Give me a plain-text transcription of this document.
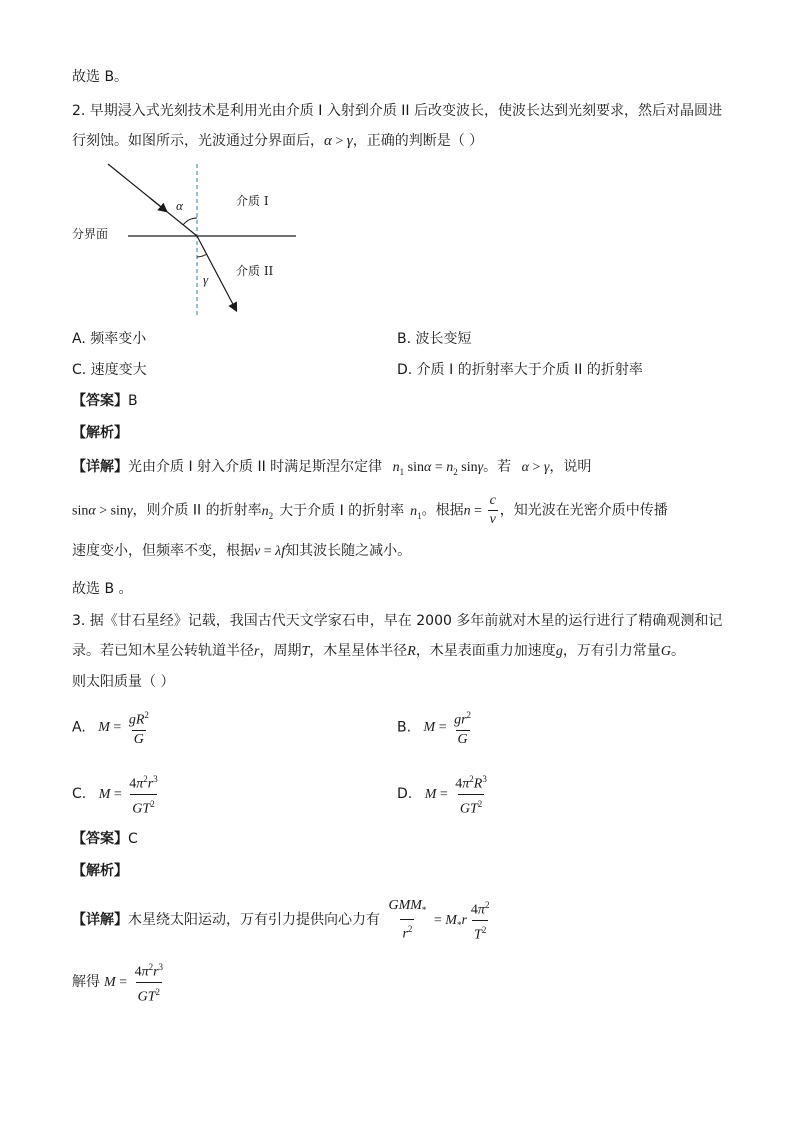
故选 B。
2. 早期浸入式光刻技术是利用光由介质 I 入射到介质 II 后改变波长，使波长达到光刻要求，然后对晶圆进
行刻蚀。如图所示，光波通过分界面后，α > γ，正确的判断是（ ）
分界面
介质 I
介质 II
α
γ
A. 频率变小	B. 波长变短
C. 速度变大	D. 介质 I 的折射率大于介质 II 的折射率
【答案】B
【解析】
【详解】光由介质 I 射入介质 II 时满足斯涅尔定律 $n_1$ $\sin\alpha = n_2$ sinγ。若 α > γ，说明
sinα > sinγ，则介质 II 的折射率$n_2$ 大于介质 I 的折射率 $n_1$。根据$n = \frac{c}{v}$ ，知光波在光密介质中传播
速度变小，但频率不变，根据v = λf知其波长随之减小。
故选 B 。
3. 据《甘石星经》记载，我国古代天文学家石申，早在 2000 多年前就对木星的运行进行了精确观测和记
录。若已知木星公转轨道半径r，周期T，木星星体半径R，木星表面重力加速度g，万有引力常量G。
则太阳质量（ ）
A. $M = \frac{gR^2}{G}$	B. $M = \frac{gr^2}{G}$
C. $M = \frac{4\pi^2r^3}{GT^2}$	D. $M = \frac{4\pi^2R^3}{GT^2}$
【答案】C
【解析】
【详解】木星绕太阳运动，万有引力提供向心力有 $\frac{GMM_*}{r^2} = M_*r \frac{4\pi^2}{T^2}$
解得 $M = \frac{4\pi^2r^3}{GT^2}$
